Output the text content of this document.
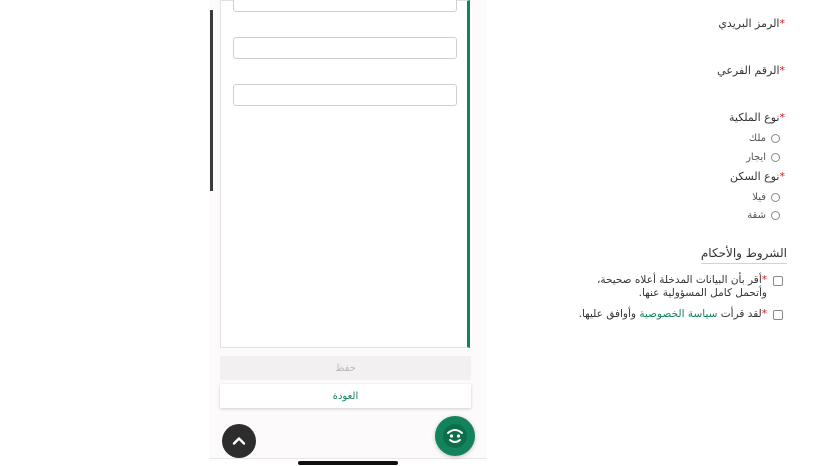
*الرمز البريدي
*الرقم الفرعي
*نوع الملكية
ملك
ايجار
*نوع السكن
فيلا
شقة
الشروط والأحكام
*أقر بأن البيانات المدخلة أعلاه صحيحة،
وأتحمل كامل المسؤولية عنها.
*لقد قرأت سياسة الخصوصية وأوافق عليها.
حفظ
العودة
